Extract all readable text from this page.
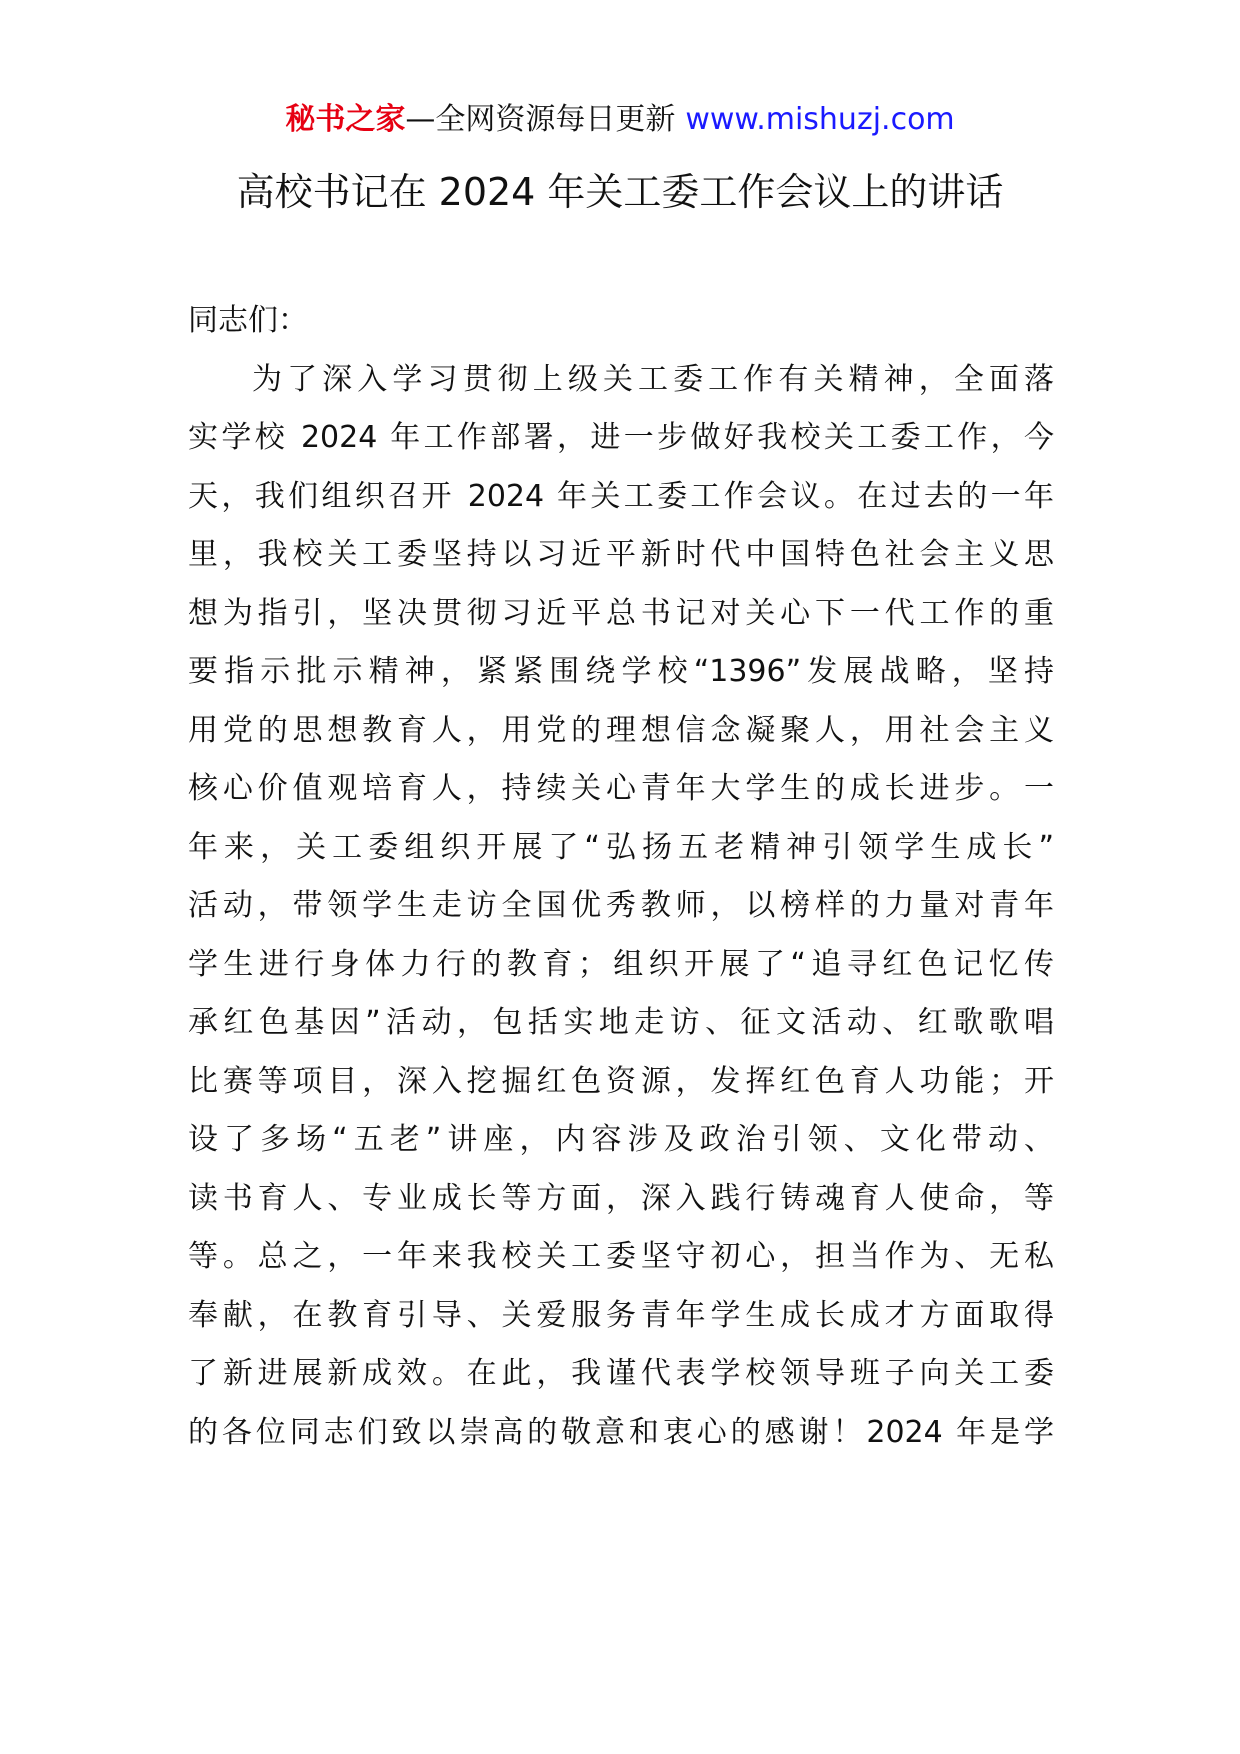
秘书之家—全网资源每日更新 www.mishuzj.com
高校书记在 2024 年关工委工作会议上的讲话
同志们：
为了深入学习贯彻上级关工委工作有关精神，全面落
实学校 2024 年工作部署，进一步做好我校关工委工作，今
天，我们组织召开 2024 年关工委工作会议。在过去的一年
里，我校关工委坚持以习近平新时代中国特色社会主义思
想为指引，坚决贯彻习近平总书记对关心下一代工作的重
要指示批示精神，紧紧围绕学校“1396”发展战略，坚持
用党的思想教育人，用党的理想信念凝聚人，用社会主义
核心价值观培育人，持续关心青年大学生的成长进步。一
年来，关工委组织开展了“弘扬五老精神引领学生成长”
活动，带领学生走访全国优秀教师，以榜样的力量对青年
学生进行身体力行的教育；组织开展了“追寻红色记忆传
承红色基因”活动，包括实地走访、征文活动、红歌歌唱
比赛等项目，深入挖掘红色资源，发挥红色育人功能；开
设了多场“五老”讲座，内容涉及政治引领、文化带动、
读书育人、专业成长等方面，深入践行铸魂育人使命，等
等。总之，一年来我校关工委坚守初心，担当作为、无私
奉献，在教育引导、关爱服务青年学生成长成才方面取得
了新进展新成效。在此，我谨代表学校领导班子向关工委
的各位同志们致以崇高的敬意和衷心的感谢！2024 年是学
